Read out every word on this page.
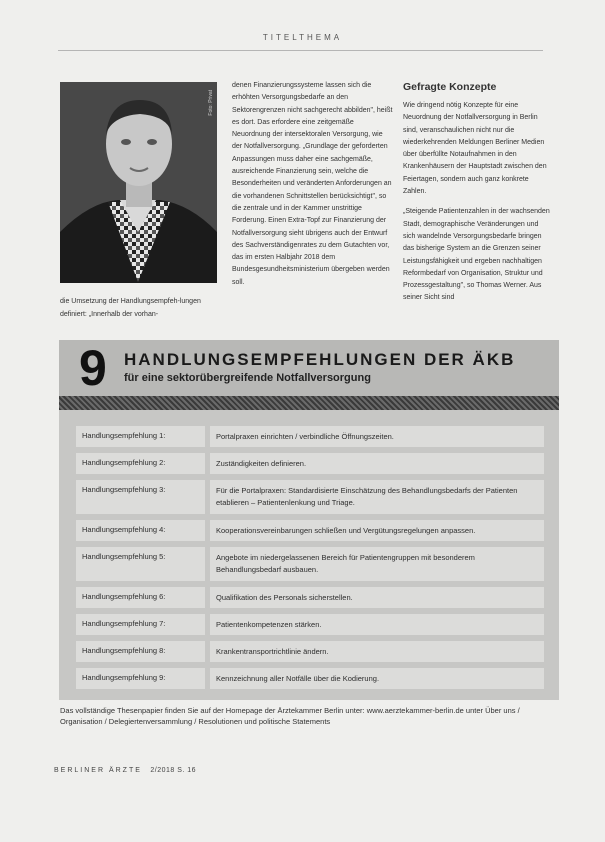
TITELTHEMA
Foto: Privat
die Umsetzung der Handlungsempfeh-lungen definiert: „Innerhalb der vorhan-

denen Finanzierungssysteme lassen sich die erhöhten Versorgungsbedarfe an den Sektorengrenzen nicht sachgerecht abbilden", heißt es dort. Das erfordere eine zeitgemäße Neuordnung der intersektoralen Versorgung, wie der Notfallversorgung. „Grundlage der geforderten Anpassungen muss daher eine sachgemäße, ausreichende Finanzierung sein, welche die Besonderheiten und veränderten Anforderungen an die vorhandenen Schnittstellen berücksichtigt", so die zentrale und in der Kammer unstrittige Forderung. Einen Extra-Topf zur Finanzierung der Notfallversorgung sieht übrigens auch der Entwurf des Sachverständigenrates zu dem Gutachten vor, das im ersten Halbjahr 2018 dem Bundesgesundheitsministerium übergeben werden soll.

Gefragte Konzepte

Wie dringend nötig Konzepte für eine Neuordnung der Notfallversorgung in Berlin sind, veranschaulichen nicht nur die wiederkehrenden Meldungen Berliner Medien über überfüllte Notaufnahmen in den Krankenhäusern der Hauptstadt zwischen den Feiertagen, sondern auch ganz konkrete Zahlen.

„Steigende Patientenzahlen in der wachsenden Stadt, demographische Veränderungen und sich wandelnde Versorgungsbedarfe bringen das bisherige System an die Grenzen seiner Leistungsfähigkeit und ergeben nachhaltigen Reformbedarf von Organisation, Struktur und Prozessgestaltung", so Thomas Werner. Aus seiner Sicht sind

9 HANDLUNGSEMPFEHLUNGEN DER ÄKB
für eine sektorübergreifende Notfallversorgung
Handlungsempfehlung 1:	Portalpraxen einrichten / verbindliche Öffnungszeiten.
Handlungsempfehlung 2:	Zuständigkeiten definieren.
Handlungsempfehlung 3:	Für die Portalpraxen: Standardisierte Einschätzung des Behandlungsbedarfs der Patienten etablieren – Patientenlenkung und Triage.
Handlungsempfehlung 4:	Kooperationsvereinbarungen schließen und Vergütungsregelungen anpassen.
Handlungsempfehlung 5:	Angebote im niedergelassenen Bereich für Patientengruppen mit besonderem Behandlungsbedarf ausbauen.
Handlungsempfehlung 6:	Qualifikation des Personals sicherstellen.
Handlungsempfehlung 7:	Patientenkompetenzen stärken.
Handlungsempfehlung 8:	Krankentransportrichtlinie ändern.
Handlungsempfehlung 9:	Kennzeichnung aller Notfälle über die Kodierung.
Das vollständige Thesenpapier finden Sie auf der Homepage der Ärztekammer Berlin unter: www.aerztekammer-berlin.de unter Über uns / Organisation / Delegiertenversammlung / Resolutionen und politische Statements
BERLINER ÄRZTE 2/2018 S. 16
